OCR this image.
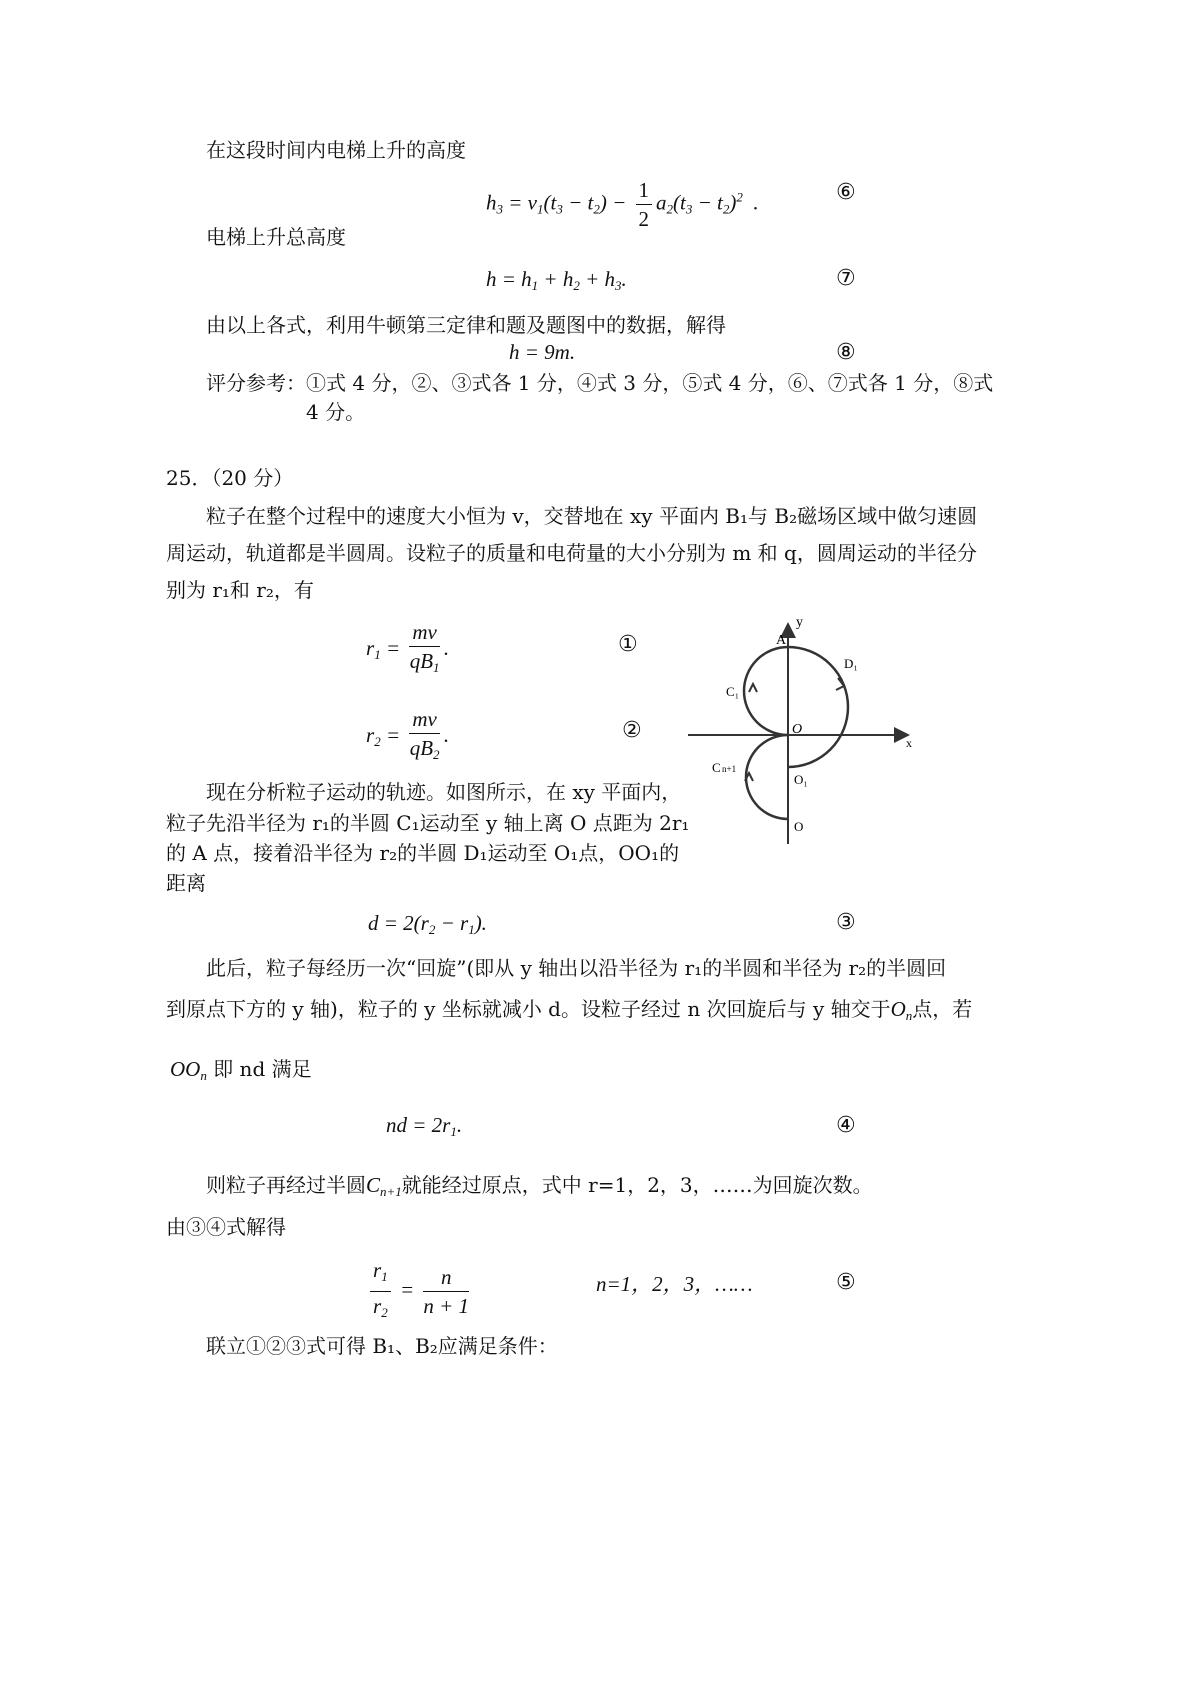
在这段时间内电梯上升的高度
$h_3 = v_1(t_3 - t_2) - \frac{1}{2} a_2(t_3 - t_2)^2$  .	⑥
电梯上升总高度
$h = h_1 + h_2 + h_3$.	⑦
由以上各式，利用牛顿第三定律和题及题图中的数据，解得
h = 9m.	⑧
评分参考：①式 4 分，②、③式各 1 分，④式 3 分，⑤式 4 分，⑥、⑦式各 1 分，⑧式
4 分。
25．（20 分）
粒子在整个过程中的速度大小恒为 v，交替地在 xy 平面内 B₁与 B₂磁场区域中做匀速圆
周运动，轨道都是半圆周。设粒子的质量和电荷量的大小分别为 m 和 q，圆周运动的半径分
别为 r₁和 r₂，有
$r_1 = \frac{mv}{qB_1}$ .	①
$r_2 = \frac{mv}{qB_2}$ .	②
y
A
D₁
C₁
O
x
C n+1
O₁
O
现在分析粒子运动的轨迹。如图所示，在 xy 平面内，
粒子先沿半径为 r₁的半圆 C₁运动至 y 轴上离 O 点距为 2r₁
的 A 点，接着沿半径为 r₂的半圆 D₁运动至 O₁点，OO₁的
距离
$d = 2(r_2 - r_1)$.	③
此后，粒子每经历一次“回旋”(即从 y 轴出以沿半径为 r₁的半圆和半径为 r₂的半圆回
到原点下方的 y 轴)，粒子的 y 坐标就减小 d。设粒子经过 n 次回旋后与 y 轴交于$O_n$点，若
$OO_n$ 即 nd 满足
nd = $2r_1$.	④
则粒子再经过半圆$C_{n+1}$就能经过原点，式中 r=1，2，3，……为回旋次数。
由③④式解得
$\frac{r_1}{r_2} = \frac{n}{n + 1}$	n=1，2，3，……	⑤
联立①②③式可得 B₁、B₂应满足条件：
